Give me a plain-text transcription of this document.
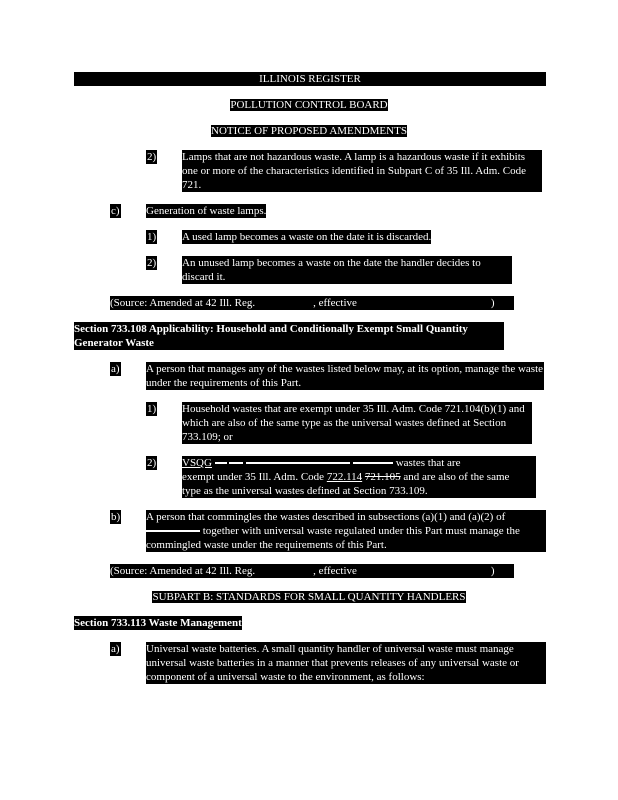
ILLINOIS REGISTER
POLLUTION CONTROL BOARD
NOTICE OF PROPOSED AMENDMENTS
2) Lamps that are not hazardous waste. A lamp is a hazardous waste if it exhibits one or more of the characteristics identified in Subpart C of 35 Ill. Adm. Code 721.
c) Generation of waste lamps.
1) A used lamp becomes a waste on the date it is discarded.
2) An unused lamp becomes a waste on the date the handler decides to discard it.
(Source: Amended at 42 Ill. Reg.	, effective	)
Section 733.108 Applicability: Household and Conditionally Exempt Small Quantity Generator Waste
a) A person that manages any of the wastes listed below may, at its option, manage the waste under the requirements of this Part.
1) Household wastes that are exempt under 35 Ill. Adm. Code 721.104(b)(1) and which are also of the same type as the universal wastes defined at Section 733.109; or
2) VSQG	wastes that are
exempt under 35 Ill. Adm. Code 722.114 721.105 and are also of the same
type as the universal wastes defined at Section 733.109.
b) A person that commingles the wastes described in subsections (a)(1) and (a)(2) of
together with universal waste regulated under this Part must manage the
commingled waste under the requirements of this Part.
(Source: Amended at 42 Ill. Reg.	, effective	)
SUBPART B: STANDARDS FOR SMALL QUANTITY HANDLERS
Section 733.113 Waste Management
a) Universal waste batteries. A small quantity handler of universal waste must manage universal waste batteries in a manner that prevents releases of any universal waste or component of a universal waste to the environment, as follows:
